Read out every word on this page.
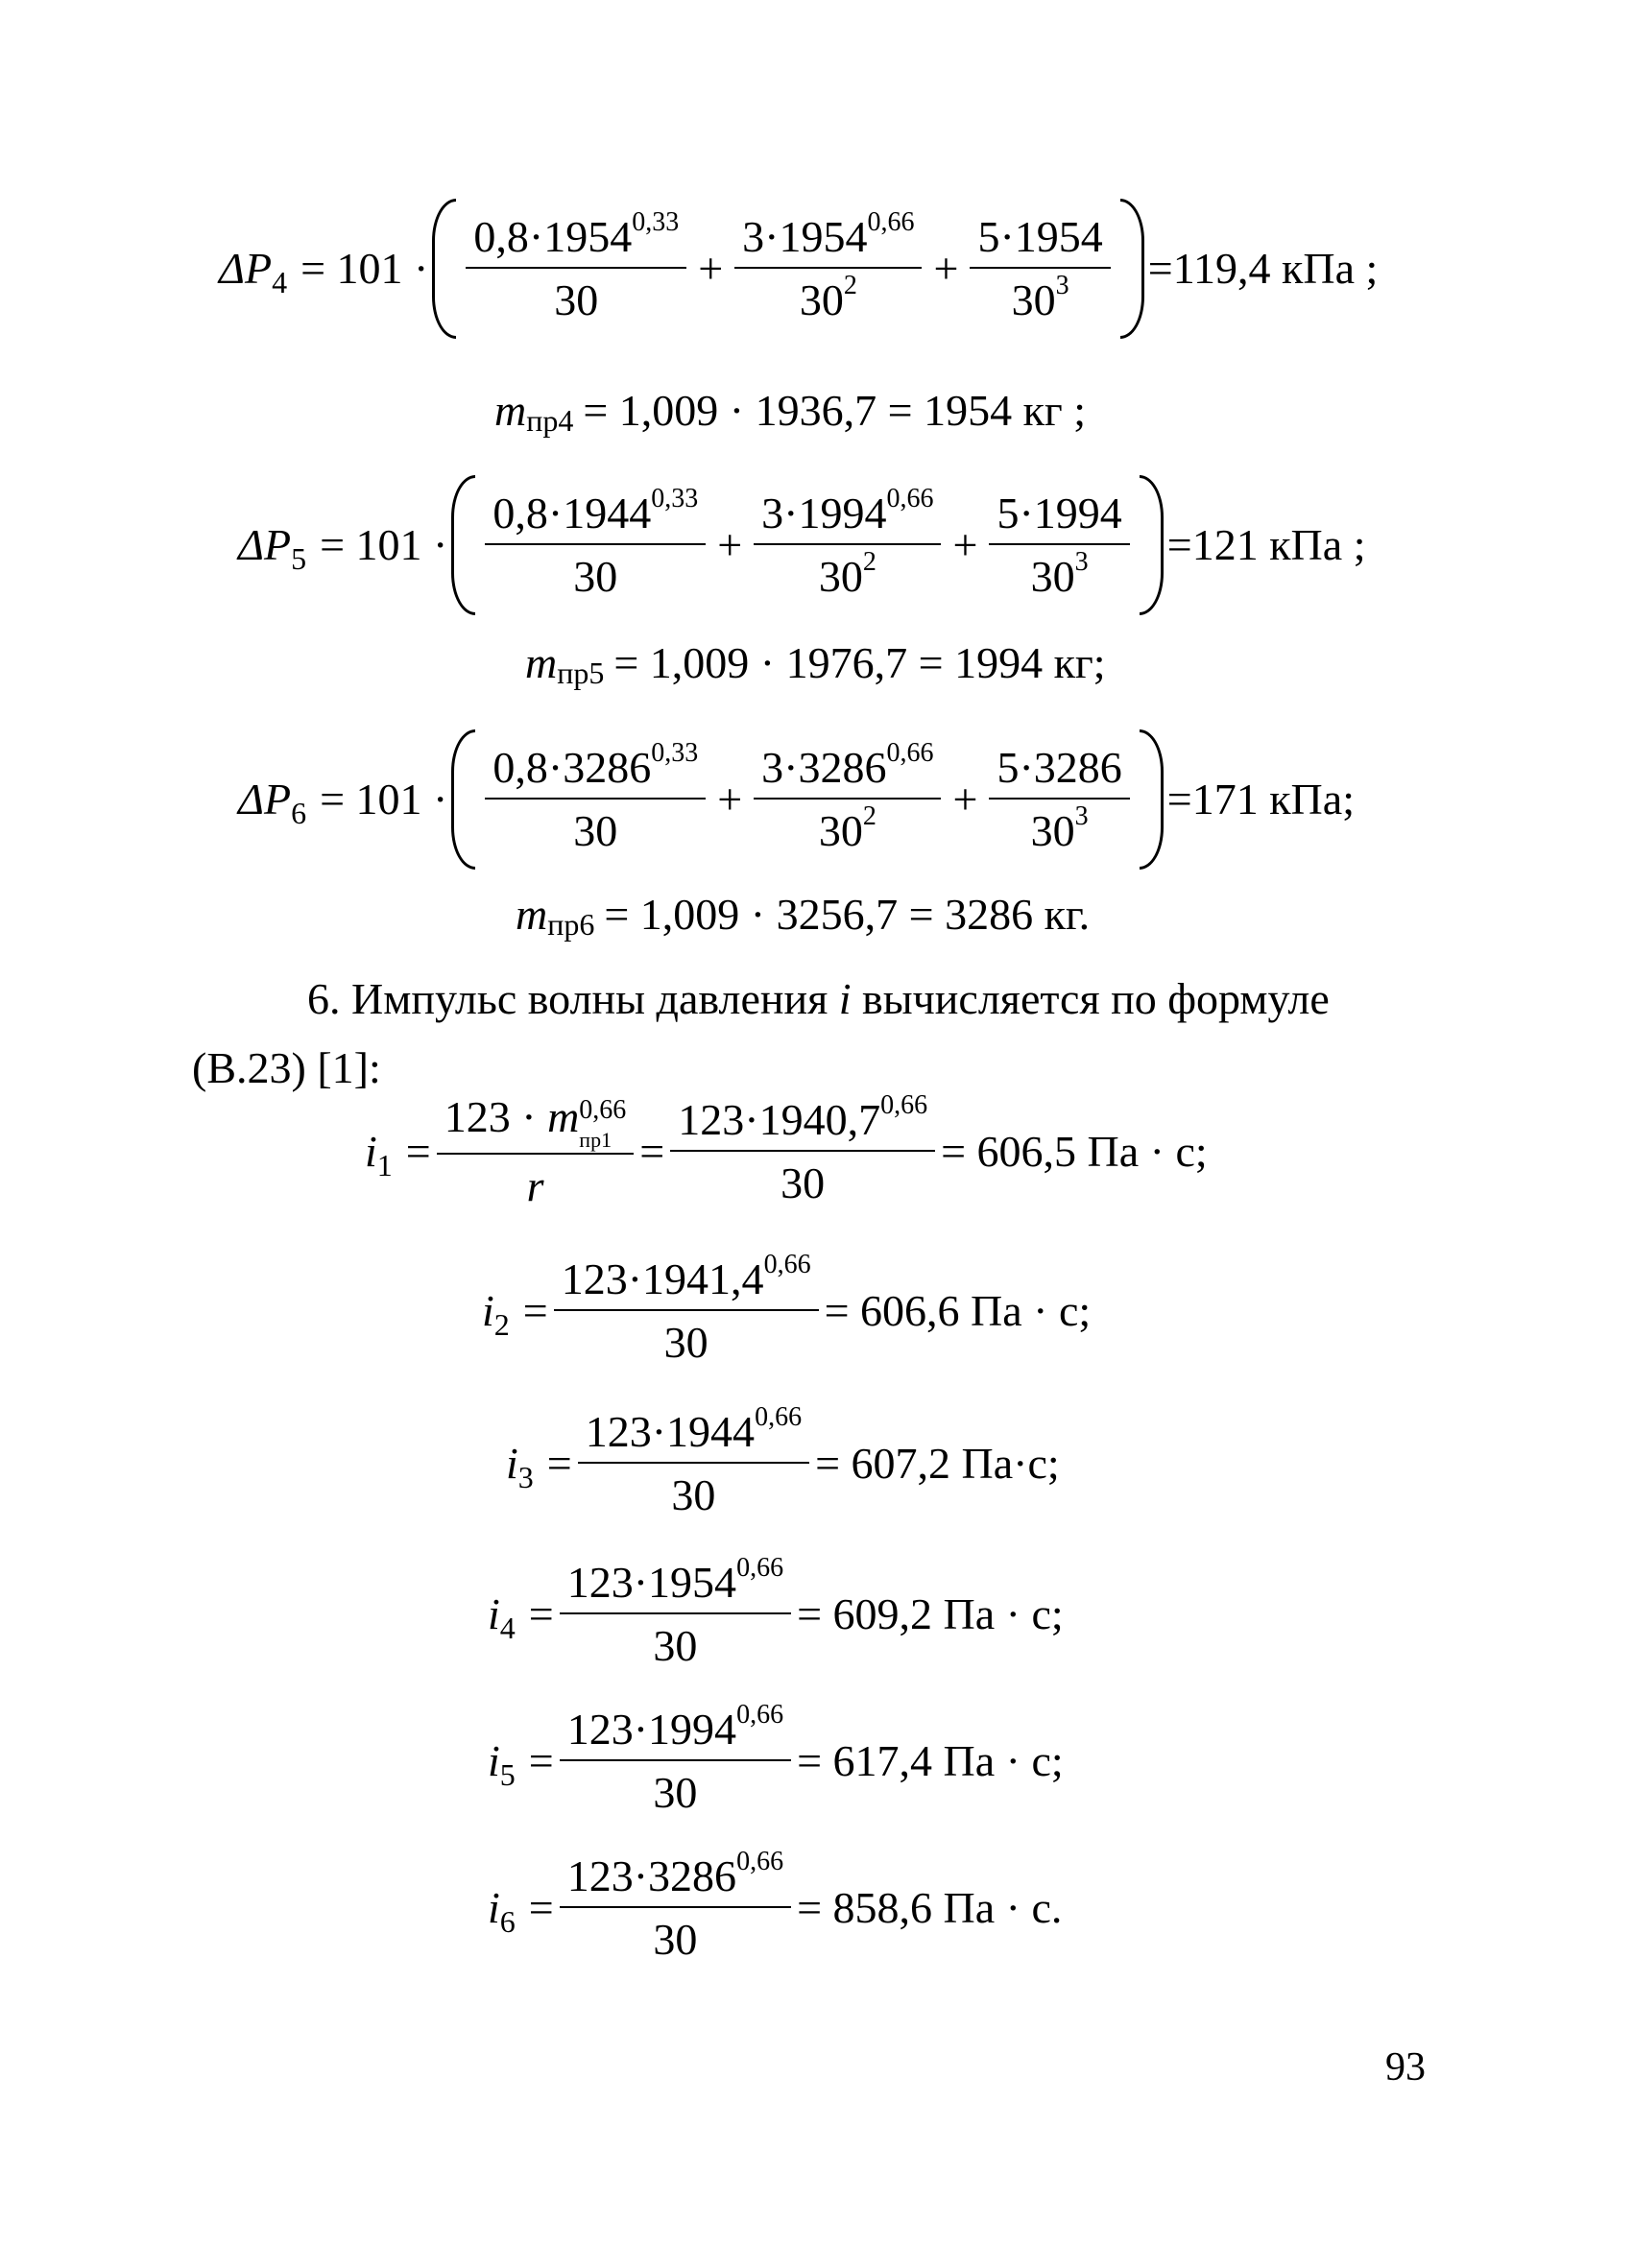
$\Delta P_4 = 101 \cdot \frac{0,8\cdot 1954^{0,33}}{30} + \frac{3\cdot 1954^{0,66}}{30^2} + \frac{5\cdot 1954}{30^3} =119,4$ кПа ;
m пр4 = 1,009 · 1936,7 = 1954 кг ;
$\Delta P_5 = 101 \cdot \frac{0,8\cdot 1944^{0,33}}{30} + \frac{3\cdot 1994^{0,66}}{30^2} + \frac{5\cdot 1994}{30^3} =121$ кПа ;
m пр5 = 1,009 · 1976,7 = 1994 кг;
$\Delta P_6 = 101 \cdot \frac{0,8\cdot 3286^{0,33}}{30} + \frac{3\cdot 3286^{0,66}}{30^2} + \frac{5\cdot 3286}{30^3} =171$ кПа;
m пр6 = 1,009 · 3256,7 = 3286 кг.
6. Импульс волны давления i вычисляется по формуле (В.23) [1]:
$i_1 = 123 \cdot m$ 0,66
пр1
$r = \frac{123\cdot 1940,7^{0,66}}{30} = 606,5$ Па · с;
$i_2 = \frac{123\cdot 1941,4^{0,66}}{30} = 606,6$ Па · с;
$i_3 = \frac{123\cdot 1944^{0,66}}{30} = 607,2$ Па·с;
$i_4 = \frac{123\cdot 1954^{0,66}}{30} = 609,2$ Па · с;
$i_5 = \frac{123\cdot 1994^{0,66}}{30} = 617,4$ Па · с;
$i_6 = \frac{123\cdot 3286^{0,66}}{30} = 858,6$ Па · с.
93
